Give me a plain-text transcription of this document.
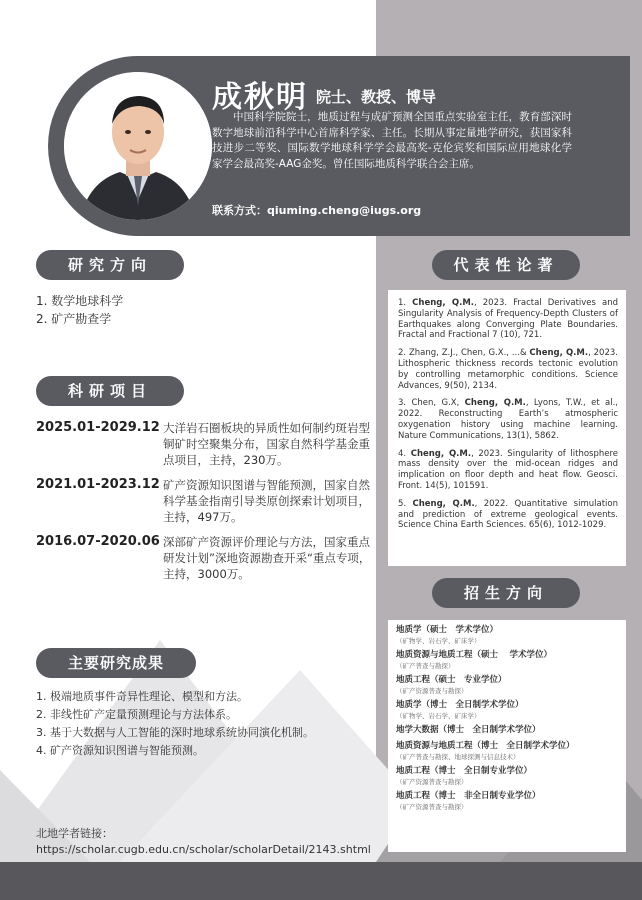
成秋明 院士、教授、博导
中国科学院院士，地质过程与成矿预测全国重点实验室主任，教育部深时数字地球前沿科学中心首席科学家、主任。长期从事定量地学研究，获国家科技进步二等奖、国际数学地球科学学会最高奖-克伦宾奖和国际应用地球化学家学会最高奖-AAG金奖。曾任国际地质科学联合会主席。
联系方式：qiuming.cheng@iugs.org
研究方向
1. 数学地球科学
2. 矿产勘查学
科研项目
2025.01-2029.12 大洋岩石圈板块的异质性如何制约斑岩型铜矿时空聚集分布，国家自然科学基金重点项目，主持，230万。
2021.01-2023.12 矿产资源知识图谱与智能预测，国家自然科学基金指南引导类原创探索计划项目，主持，497万。
2016.07-2020.06 深部矿产资源评价理论与方法，国家重点研发计划”深地资源勘查开采“重点专项，主持，3000万。
主要研究成果
1. 极端地质事件奇异性理论、模型和方法。
2. 非线性矿产定量预测理论与方法体系。
3. 基于大数据与人工智能的深时地球系统协同演化机制。
4. 矿产资源知识图谱与智能预测。
北地学者链接：
https://scholar.cugb.edu.cn/scholar/scholarDetail/2143.shtml
代表性论著
1. Cheng, Q.M., 2023. Fractal Derivatives and Singularity Analysis of Frequency-Depth Clusters of Earthquakes along Converging Plate Boundaries. Fractal and Fractional 7 (10), 721.
2. Zhang, Z.J., Chen, G.X., ...& Cheng, Q.M., 2023. Lithospheric thickness records tectonic evolution by controlling metamorphic conditions. Science Advances, 9(50), 2134.
3. Chen, G.X, Cheng, Q.M., Lyons, T.W., et al., 2022. Reconstructing Earth’s atmospheric oxygenation history using machine learning. Nature Communications, 13(1), 5862.
4. Cheng, Q.M., 2023. Singularity of lithosphere mass density over the mid-ocean ridges and implication on floor depth and heat flow. Geosci. Front. 14(5), 101591.
5. Cheng, Q.M., 2022. Quantitative simulation and prediction of extreme geological events. Science China Earth Sciences. 65(6), 1012-1029.
招生方向
地质学（硕士　学术学位）
（矿物学、岩石学、矿床学）
地质资源与地质工程（硕士　 学术学位）
（矿产普查与勘探）
地质工程（硕士　专业学位）
（矿产资源普查与勘探）
地质学（博士　全日制学术学位）
（矿物学、岩石学、矿床学）
地学大数据（博士　全日制学术学位）
地质资源与地质工程（博士　全日制学术学位）
（矿产普查与勘探、地球探测与信息技术）
地质工程（博士　全日制专业学位）
（矿产资源普查与勘探）
地质工程（博士　非全日制专业学位）
（矿产资源普查与勘探）
